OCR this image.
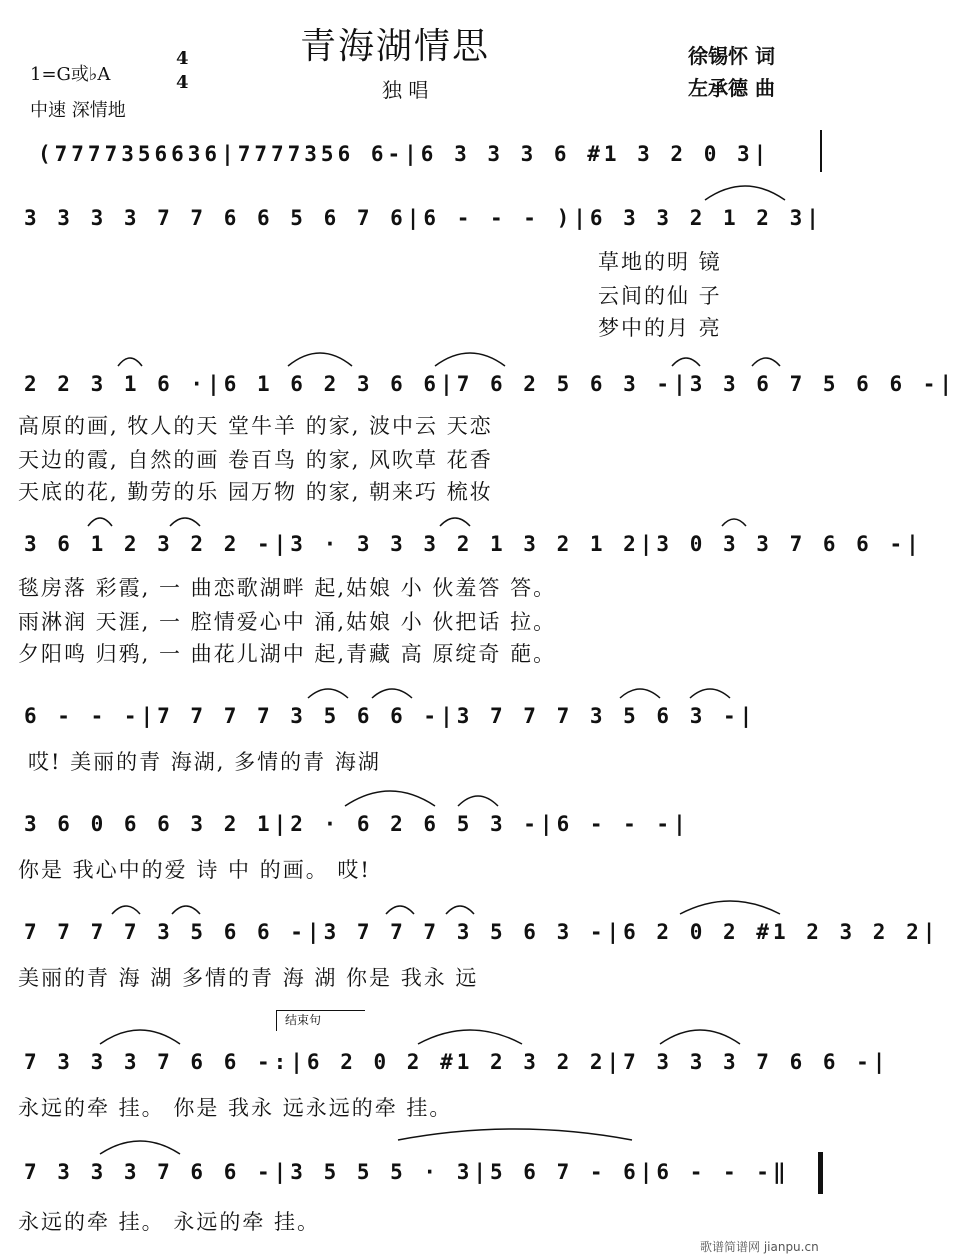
青海湖情思
独 唱
1=G或♭A
4
4
中速 深情地
徐锡怀 词
左承德 曲
(7777356636|7777356 6-|6 3 3 3 6 #1 3 2 0 3|
3 3 3 3 7 7 6 6 5 6 7 6|6 - - - )|6 3 3 2 1 2 3|
草地的明 镜
云间的仙 子
梦中的月 亮
2 2 3 1 6 ·|6 1 6 2 3 6 6|7 6 2 5 6 3 -|3 3 6 7 5 6 6 -|
高原的画, 牧人的天 堂牛羊 的家, 波中云 天恋
天边的霞, 自然的画 卷百鸟 的家, 风吹草 花香
天底的花, 勤劳的乐 园万物 的家, 朝来巧 梳妆
3 6 1 2 3 2 2 -|3 · 3 3 3 2 1 3 2 1 2|3 0 3 3 7 6 6 -|
毯房落 彩霞, 一 曲恋歌湖畔 起,姑娘 小 伙羞答 答。
雨淋润 天涯, 一 腔情爱心中 涌,姑娘 小 伙把话 拉。
夕阳鸣 归鸦, 一 曲花儿湖中 起,青藏 高 原绽奇 葩。
6 - - -|7 7 7 7 3 5 6 6 -|3 7 7 7 3 5 6 3 -|
哎! 美丽的青 海湖, 多情的青 海湖
3 6 0 6 6 3 2 1|2 · 6 2 6 5 3 -|6 - - -|
你是 我心中的爱 诗 中 的画。 哎!
7 7 7 7 3 5 6 6 -|3 7 7 7 3 5 6 3 -|6 2 0 2 #1 2 3 2 2|
美丽的青 海 湖 多情的青 海 湖 你是 我永 远
结束句
7 3 3 3 7 6 6 -:|6 2 0 2 #1 2 3 2 2|7 3 3 3 7 6 6 -|
永远的牵 挂。 你是 我永 远永远的牵 挂。
7 3 3 3 7 6 6 -|3 5 5 5 · 3|5 6 7 - 6|6 - - -‖
永远的牵 挂。 永远的牵 挂。
歌谱简谱网 jianpu.cn
